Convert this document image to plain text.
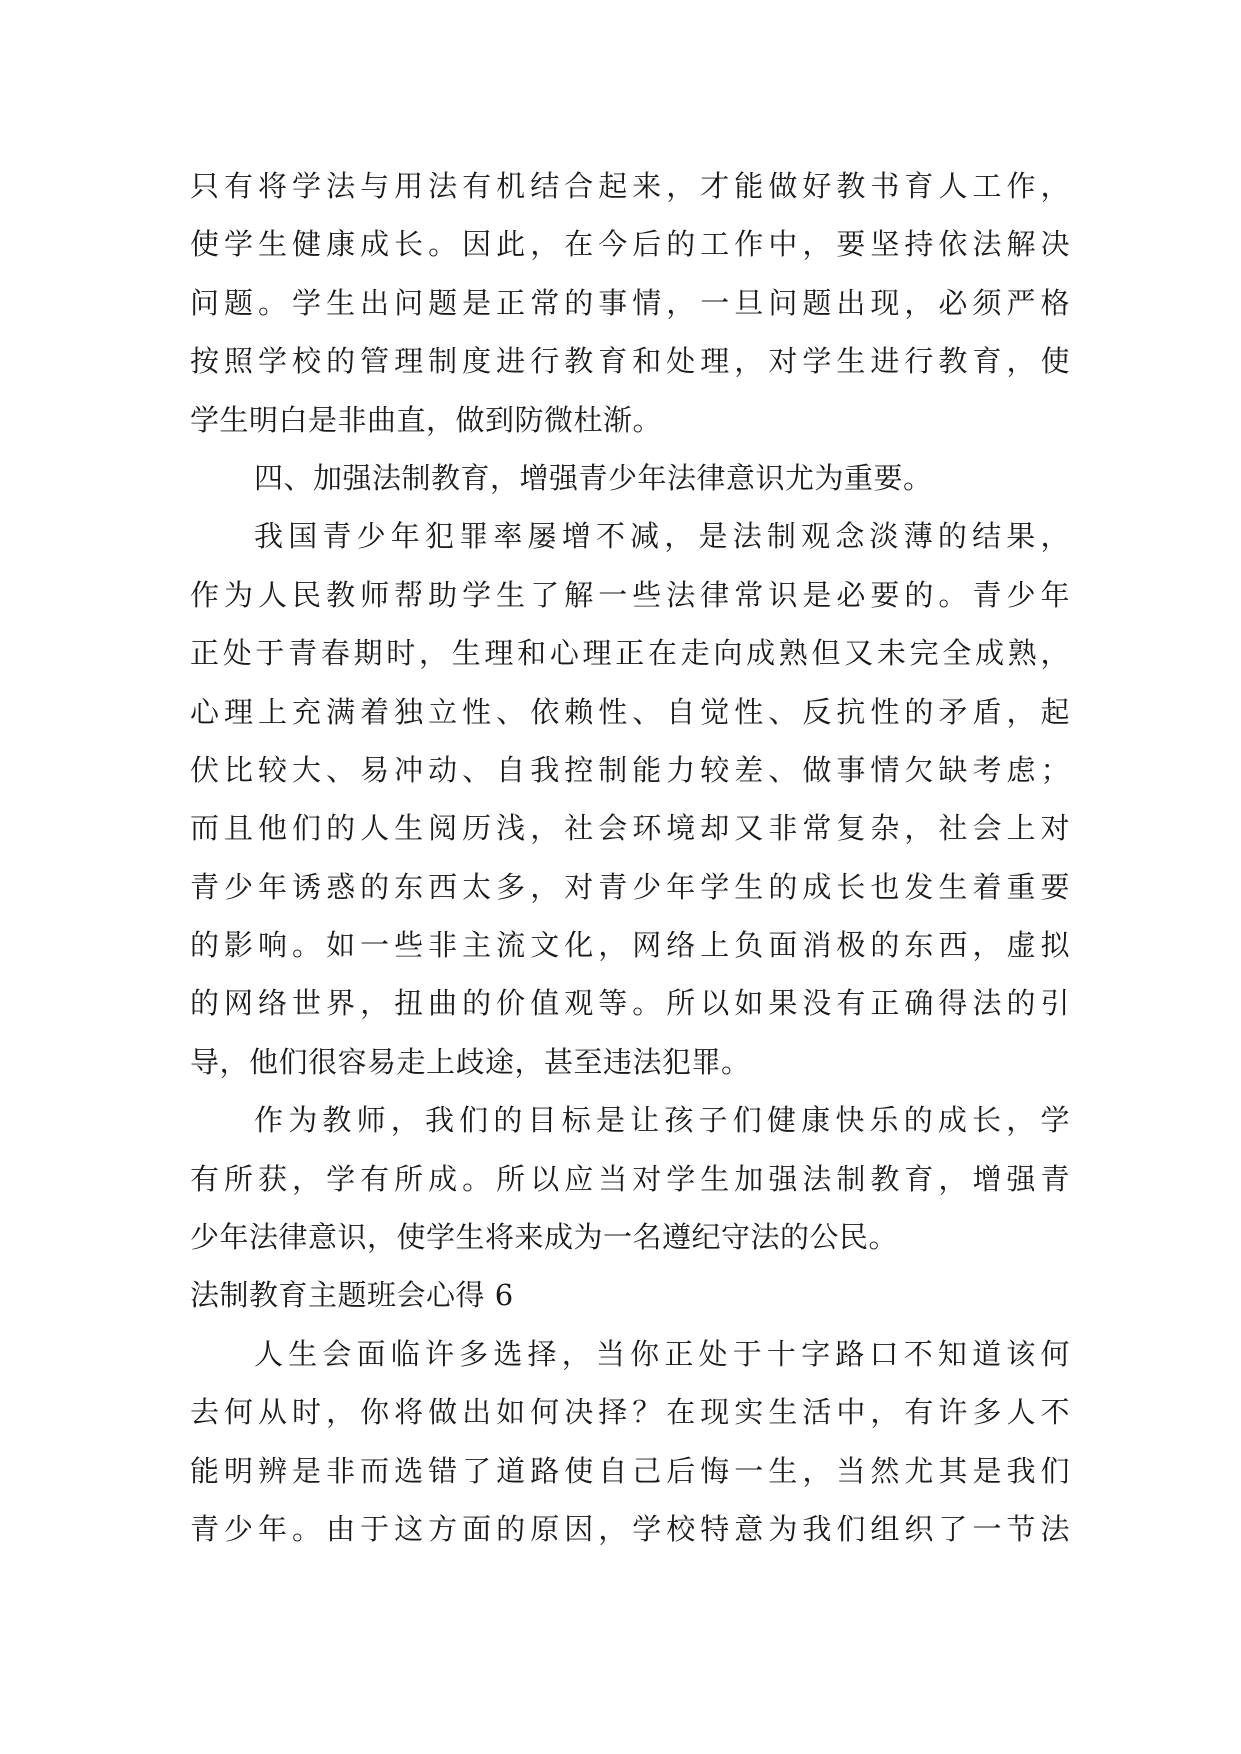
只有将学法与用法有机结合起来，才能做好教书育人工作，
使学生健康成长。因此，在今后的工作中，要坚持依法解决
问题。学生出问题是正常的事情，一旦问题出现，必须严格
按照学校的管理制度进行教育和处理，对学生进行教育，使
学生明白是非曲直，做到防微杜渐。
四、加强法制教育，增强青少年法律意识尤为重要。
我国青少年犯罪率屡增不减，是法制观念淡薄的结果，
作为人民教师帮助学生了解一些法律常识是必要的。青少年
正处于青春期时，生理和心理正在走向成熟但又未完全成熟，
心理上充满着独立性、依赖性、自觉性、反抗性的矛盾，起
伏比较大、易冲动、自我控制能力较差、做事情欠缺考虑；
而且他们的人生阅历浅，社会环境却又非常复杂，社会上对
青少年诱惑的东西太多，对青少年学生的成长也发生着重要
的影响。如一些非主流文化，网络上负面消极的东西，虚拟
的网络世界，扭曲的价值观等。所以如果没有正确得法的引
导，他们很容易走上歧途，甚至违法犯罪。
作为教师，我们的目标是让孩子们健康快乐的成长，学
有所获，学有所成。所以应当对学生加强法制教育，增强青
少年法律意识，使学生将来成为一名遵纪守法的公民。
法制教育主题班会心得 6
人生会面临许多选择，当你正处于十字路口不知道该何
去何从时，你将做出如何决择？在现实生活中，有许多人不
能明辨是非而选错了道路使自己后悔一生，当然尤其是我们
青少年。由于这方面的原因，学校特意为我们组织了一节法
